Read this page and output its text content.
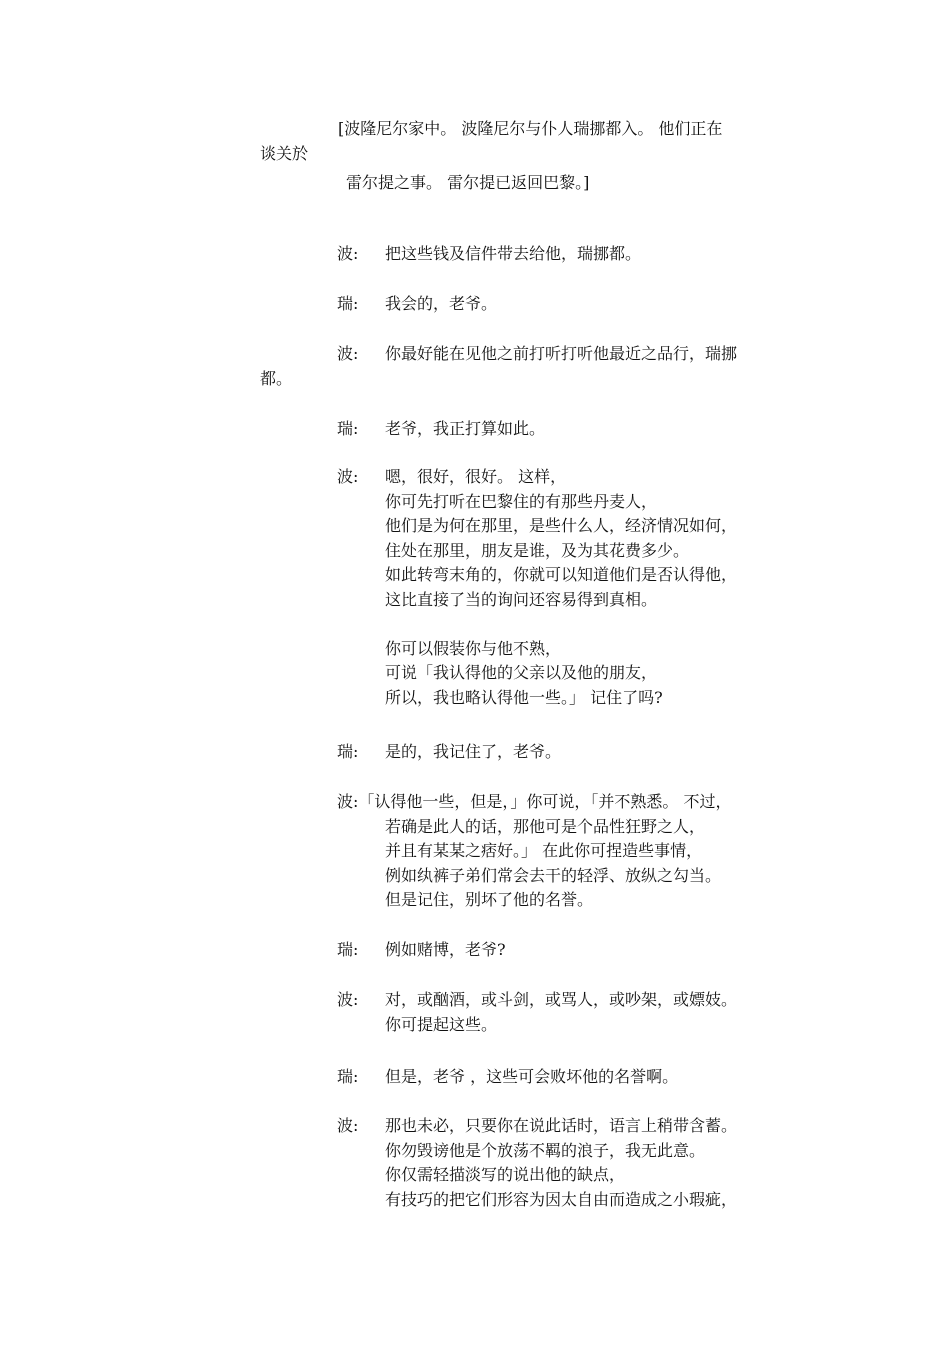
[波隆尼尔家中。 波隆尼尔与仆人瑞挪都入。 他们正在
谈关於
雷尔提之事。 雷尔提已返回巴黎。]
波: 把这些钱及信件带去给他，瑞挪都。
瑞: 我会的，老爷。
波: 你最好能在见他之前打听打听他最近之品行，瑞挪
都。
瑞: 老爷，我正打算如此。
波: 嗯，很好，很好。 这样，
你可先打听在巴黎住的有那些丹麦人，
他们是为何在那里，是些什么人，经济情况如何，
住处在那里，朋友是谁，及为其花费多少。
如此转弯末角的，你就可以知道他们是否认得他，
这比直接了当的询问还容易得到真相。
你可以假装你与他不熟，
可说「我认得他的父亲以及他的朋友，
所以，我也略认得他一些。」 记住了吗?
瑞: 是的，我记住了，老爷。
波:「认得他一些，但是，」你可说，「并不熟悉。 不过，
若确是此人的话，那他可是个品性狂野之人，
并且有某某之痞好。」 在此你可捏造些事情，
例如纨裤子弟们常会去干的轻浮、放纵之勾当。
但是记住，别坏了他的名誉。
瑞: 例如赌博，老爷?
波: 对，或酗酒，或斗剑，或骂人，或吵架，或嫖妓。
你可提起这些。
瑞: 但是，老爷 ，这些可会败坏他的名誉啊。
波: 那也未必，只要你在说此话时，语言上稍带含蓄。
你勿毁谤他是个放荡不羁的浪子，我无此意。
你仅需轻描淡写的说出他的缺点，
有技巧的把它们形容为因太自由而造成之小瑕疵，
